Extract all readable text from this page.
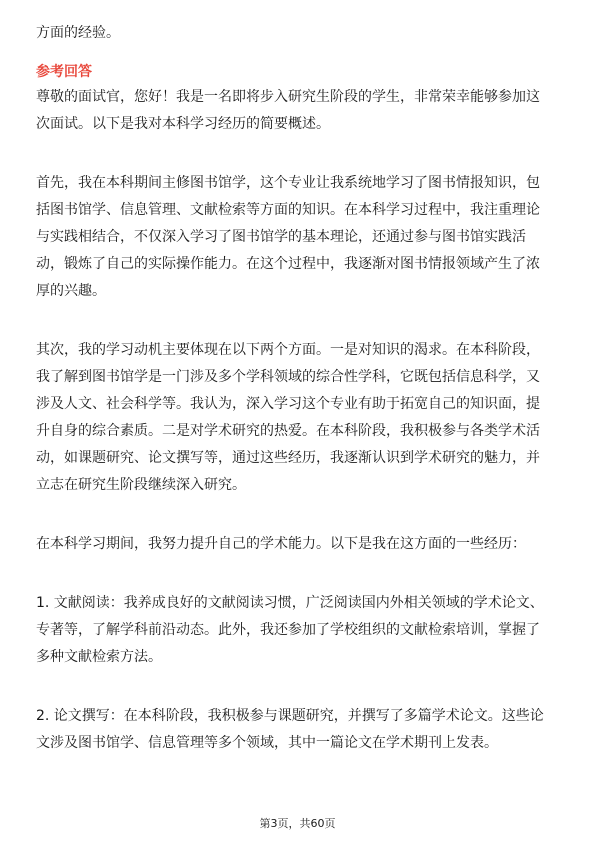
方面的经验。
参考回答
尊敬的面试官，您好！我是一名即将步入研究生阶段的学生，非常荣幸能够参加这
次面试。以下是我对本科学习经历的简要概述。
首先，我在本科期间主修图书馆学，这个专业让我系统地学习了图书情报知识，包
括图书馆学、信息管理、文献检索等方面的知识。在本科学习过程中，我注重理论
与实践相结合，不仅深入学习了图书馆学的基本理论，还通过参与图书馆实践活
动，锻炼了自己的实际操作能力。在这个过程中，我逐渐对图书情报领域产生了浓
厚的兴趣。
其次，我的学习动机主要体现在以下两个方面。一是对知识的渴求。在本科阶段，
我了解到图书馆学是一门涉及多个学科领域的综合性学科，它既包括信息科学，又
涉及人文、社会科学等。我认为，深入学习这个专业有助于拓宽自己的知识面，提
升自身的综合素质。二是对学术研究的热爱。在本科阶段，我积极参与各类学术活
动，如课题研究、论文撰写等，通过这些经历，我逐渐认识到学术研究的魅力，并
立志在研究生阶段继续深入研究。
在本科学习期间，我努力提升自己的学术能力。以下是我在这方面的一些经历：
1. 文献阅读：我养成良好的文献阅读习惯，广泛阅读国内外相关领域的学术论文、
专著等，了解学科前沿动态。此外，我还参加了学校组织的文献检索培训，掌握了
多种文献检索方法。
2. 论文撰写：在本科阶段，我积极参与课题研究，并撰写了多篇学术论文。这些论
文涉及图书馆学、信息管理等多个领域，其中一篇论文在学术期刊上发表。
第3页，共60页
